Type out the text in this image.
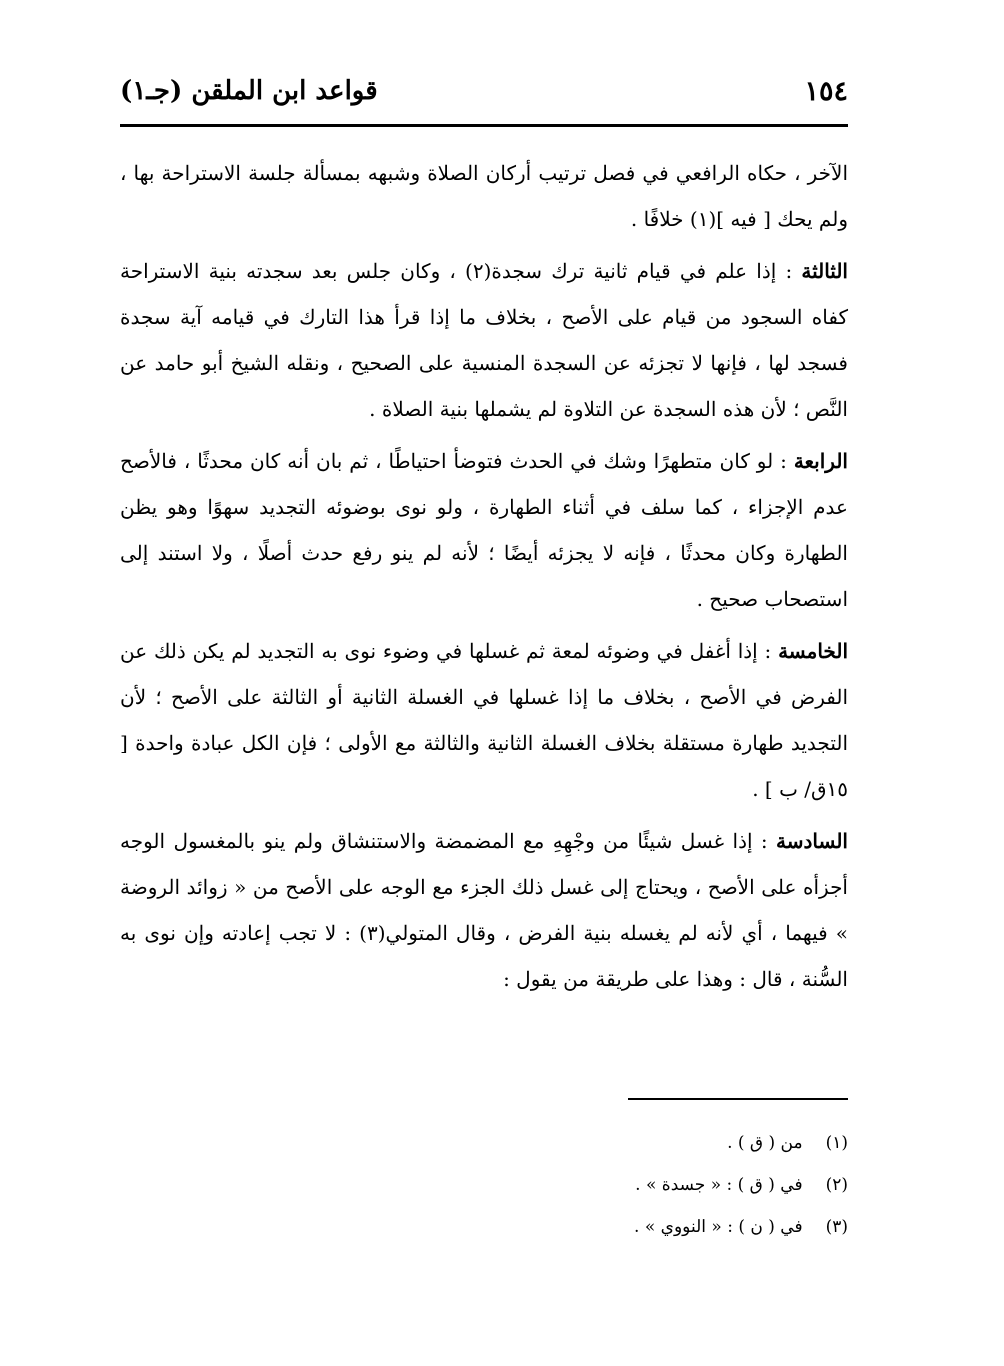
١٥٤
قواعد ابن الملقن (جـ١)

الآخر ، حكاه الرافعي في فصل ترتيب أركان الصلاة وشبهه بمسألة جلسة الاستراحة بها ، ولم يحك [ فيه ](١) خلافًا .

الثالثة : إذا علم في قيام ثانية ترك سجدة(٢) ، وكان جلس بعد سجدته بنية الاستراحة كفاه السجود من قيام على الأصح ، بخلاف ما إذا قرأ هذا التارك في قيامه آية سجدة فسجد لها ، فإنها لا تجزئه عن السجدة المنسية على الصحيح ، ونقله الشيخ أبو حامد عن النَّص ؛ لأن هذه السجدة عن التلاوة لم يشملها بنية الصلاة .

الرابعة : لو كان متطهرًا وشك في الحدث فتوضأ احتياطًا ، ثم بان أنه كان محدثًا ، فالأصح عدم الإجزاء ، كما سلف في أثناء الطهارة ، ولو نوى بوضوئه التجديد سهوًا وهو يظن الطهارة وكان محدثًا ، فإنه لا يجزئه أيضًا ؛ لأنه لم ينو رفع حدث أصلًا ، ولا استند إلى استصحاب صحيح .

الخامسة : إذا أغفل في وضوئه لمعة ثم غسلها في وضوء نوى به التجديد لم يكن ذلك عن الفرض في الأصح ، بخلاف ما إذا غسلها في الغسلة الثانية أو الثالثة على الأصح ؛ لأن التجديد طهارة مستقلة بخلاف الغسلة الثانية والثالثة مع الأولى ؛ فإن الكل عبادة واحدة [ ١٥ق/ ب ] .

السادسة : إذا غسل شيئًا من وجْهِهِ مع المضمضة والاستنشاق ولم ينو بالمغسول الوجه أجزأه على الأصح ، ويحتاج إلى غسل ذلك الجزء مع الوجه على الأصح من « زوائد الروضة » فيهما ، أي لأنه لم يغسله بنية الفرض ، وقال المتولي(٣) : لا تجب إعادته وإن نوى به السُّنة ، قال : وهذا على طريقة من يقول :

(١) من ( ق ) .
(٢) في ( ق ) : « جسدة » .
(٣) في ( ن ) : « النووي » .
